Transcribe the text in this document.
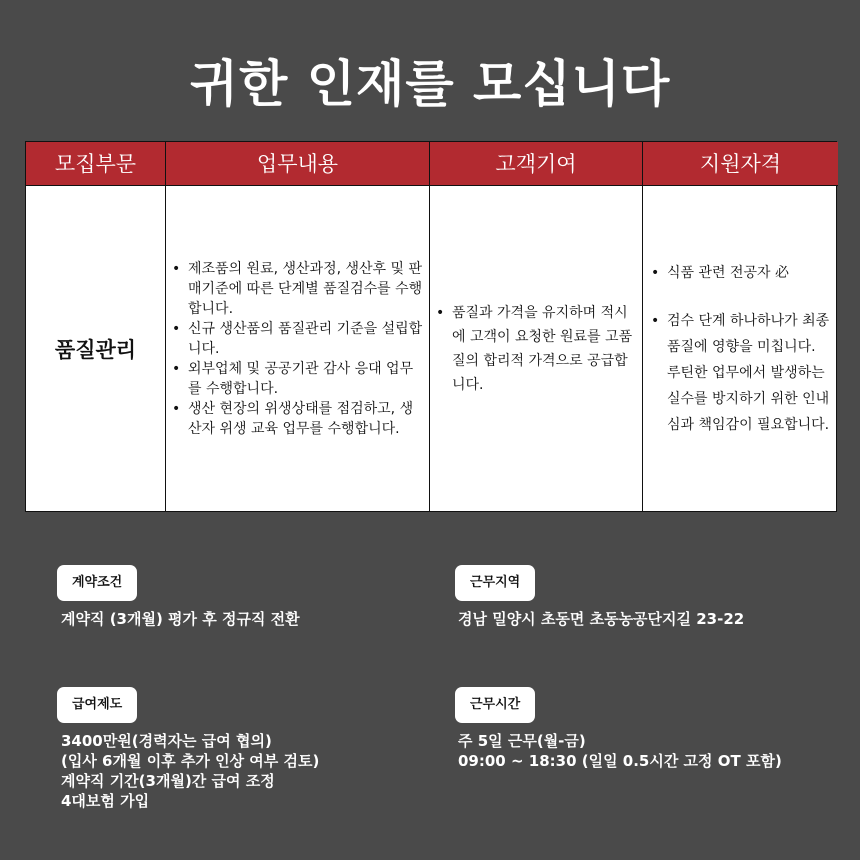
귀한 인재를 모십니다
모집부문
품질관리
업무내용
• 제조품의 원료, 생산과정, 생산후 및 판매기준에 따른 단계별 품질검수를 수행합니다.
• 신규 생산품의 품질관리 기준을 설립합니다.
• 외부업체 및 공공기관 감사 응대 업무를 수행합니다.
• 생산 현장의 위생상태를 점검하고, 생산자 위생 교육 업무를 수행합니다.
고객기여
• 품질과 가격을 유지하며 적시에 고객이 요청한 원료를 고품질의 합리적 가격으로 공급합니다.
지원자격
• 식품 관련 전공자 必
• 검수 단계 하나하나가 최종 품질에 영향을 미칩니다. 루틴한 업무에서 발생하는 실수를 방지하기 위한 인내심과 책임감이 필요합니다.
계약조건
계약직 (3개월) 평가 후 정규직 전환
근무지역
경남 밀양시 초동면 초동농공단지길 23-22
급여제도
3400만원(경력자는 급여 협의)
(입사 6개월 이후 추가 인상 여부 검토)
계약직 기간(3개월)간 급여 조정
4대보험 가입
근무시간
주 5일 근무(월-금)
09:00 ~ 18:30 (일일 0.5시간 고정 OT 포함)
